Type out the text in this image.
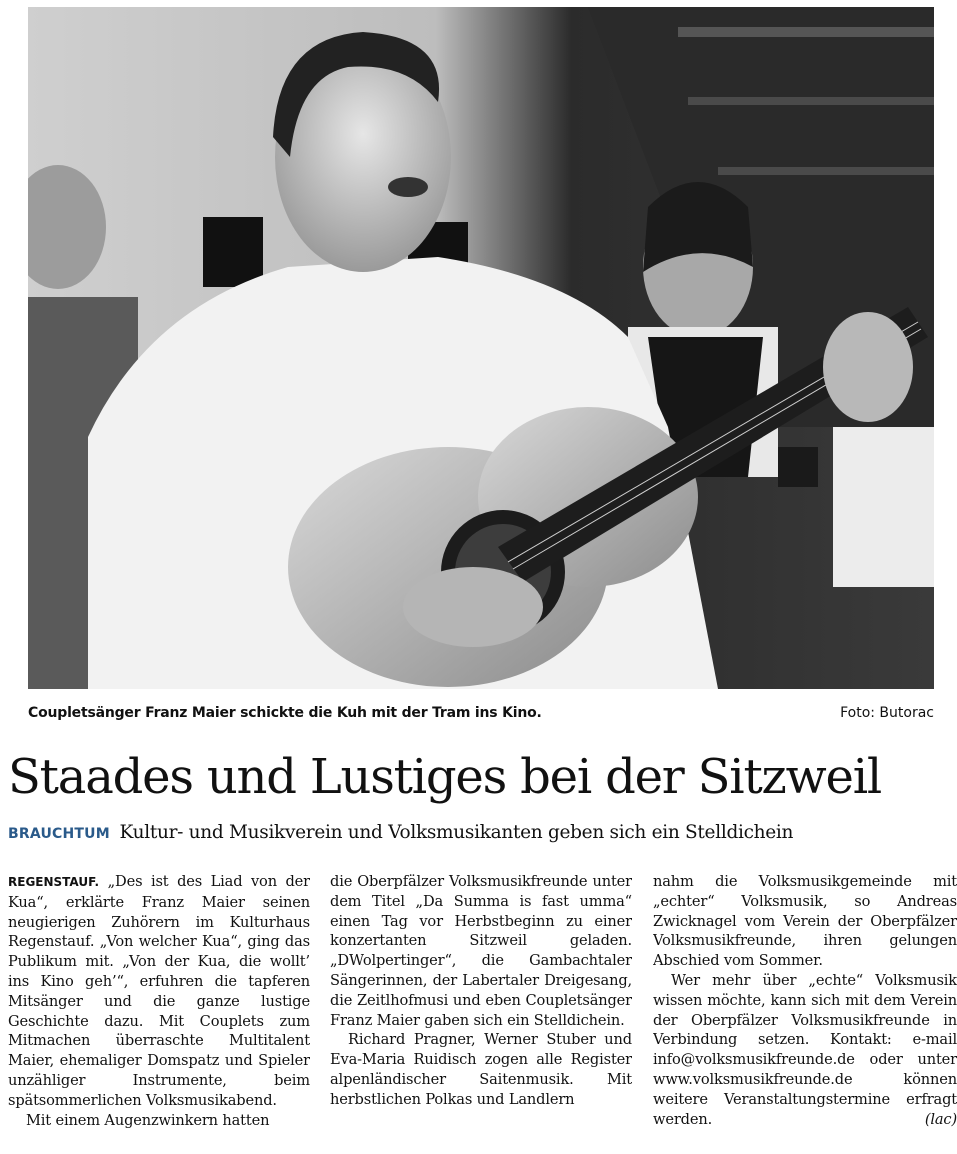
Coupletsänger Franz Maier schickte die Kuh mit der Tram ins Kino.	Foto: Butorac
Staades und Lustiges bei der Sitzweil
BRAUCHTUM Kultur- und Musikverein und Volksmusikanten geben sich ein Stelldichein

REGENSTAUF. „Des ist des Liad von der Kua“, erklärte Franz Maier seinen neugierigen Zuhörern im Kulturhaus Regenstauf. „Von welcher Kua“, ging das Publikum mit. „Von der Kua, die wollt’ ins Kino geh’“, erfuhren die tapferen Mitsänger und die ganze lustige Geschichte dazu. Mit Couplets zum Mitmachen überraschte Multitalent Maier, ehemaliger Domspatz und Spieler unzähliger Instrumente, beim spätsommerlichen Volksmusikabend.

Mit einem Augenzwinkern hatten

die Oberpfälzer Volksmusikfreunde unter dem Titel „Da Summa is fast umma“ einen Tag vor Herbstbeginn zu einer konzertanten Sitzweil geladen. „DWolpertinger“, die Gambachtaler Sängerinnen, der Labertaler Dreigesang, die Zeitlhofmusi und eben Coupletsänger Franz Maier gaben sich ein Stelldichein.

Richard Pragner, Werner Stuber und Eva-Maria Ruidisch zogen alle Register alpenländischer Saitenmusik. Mit herbstlichen Polkas und Landlern

nahm die Volksmusikgemeinde mit „echter“ Volksmusik, so Andreas Zwicknagel vom Verein der Oberpfälzer Volksmusikfreunde, ihren gelungen Abschied vom Sommer.

Wer mehr über „echte“ Volksmusik wissen möchte, kann sich mit dem Verein der Oberpfälzer Volksmusikfreunde in Verbindung setzen. Kontakt: e-mail info@volksmusikfreunde.de oder unter www.volksmusikfreunde.de können weitere Veranstaltungstermine erfragt werden.	(lac)
